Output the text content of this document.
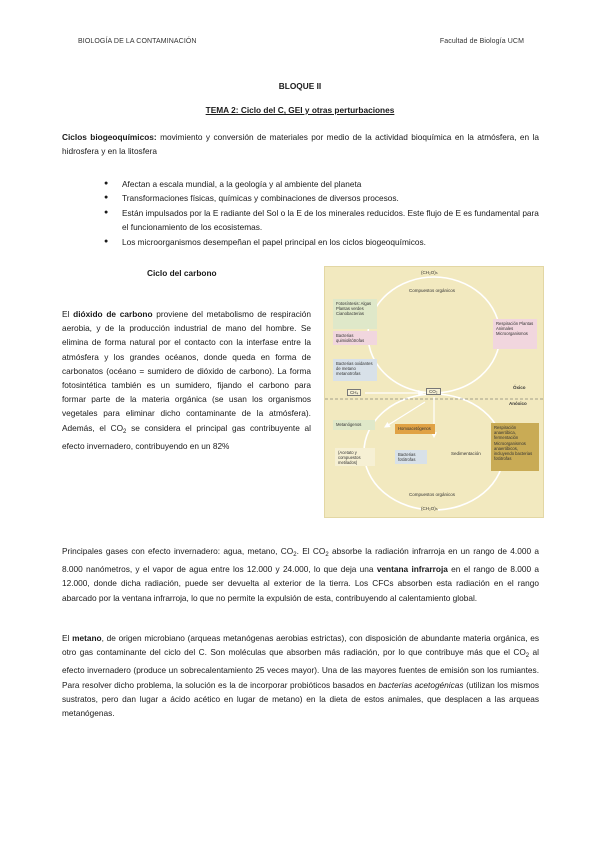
BIOLOGÍA DE LA CONTAMINACIÓN	Facultad de Biología UCM
BLOQUE II
TEMA 2: Ciclo del C, GEI y otras perturbaciones
Ciclos biogeoquímicos: movimiento y conversión de materiales por medio de la actividad bioquímica en la atmósfera, en la hidrosfera y en la litosfera
● Afectan a escala mundial, a la geología y al ambiente del planeta
● Transformaciones físicas, químicas y combinaciones de diversos procesos.
● Están impulsados por la E radiante del Sol o la E de los minerales reducidos. Este flujo de E es fundamental para el funcionamiento de los ecosistemas.
● Los microorganismos desempeñan el papel principal en los ciclos biogeoquímicos.
Ciclo del carbono
El dióxido de carbono proviene del metabolismo de respiración aerobia, y de la producción industrial de mano del hombre. Se elimina de forma natural por el contacto con la interfase entre la atmósfera y los grandes océanos, donde queda en forma de carbonatos (océano = sumidero de dióxido de carbono). La forma fotosintética también es un sumidero, fijando el carbono para formar parte de la materia orgánica (se usan los organismos vegetales para eliminar dicho contaminante de la atmósfera). Además, el $CO_2$ se considera el principal gas contribuyente al efecto invernadero, contribuyendo en un 82%
(CH₂O)ₙ
Compuestos orgánicos
Fotosíntesis: Algas Plantas verdes Cianobacterias
Bacterias quimiolitótrofas
Bacterias oxidantes de metano metanotrofas
Respiración Plantas Animales Microorganismos
CO₂
CH₄
Óxico
Anóxico
Metanógenos
Homoacetógenos	Respiración anaeróbica, fermentación Microorganismos anaeróbicos, incluyendo bacterias fotótrofas
(Acetato y compuestos metilados)
Bacterias fotótrofas
Sedimentación
Compuestos orgánicos
(CH₂O)ₙ
Principales gases con efecto invernadero: agua, metano, $CO_2$. El $CO_2$ absorbe la radiación infrarroja en un rango de 4.000 a 8.000 nanómetros, y el vapor de agua entre los 12.000 y 24.000, lo que deja una ventana infrarroja en el rango de 8.000 a 12.000, donde dicha radiación, puede ser devuelta al exterior de la tierra. Los CFCs absorben esta radiación en el rango abarcado por la ventana infrarroja, lo que no permite la expulsión de esta, contribuyendo al calentamiento global.
El metano, de origen microbiano (arqueas metanógenas aerobias estrictas), con disposición de abundante materia orgánica, es otro gas contaminante del ciclo del C. Son moléculas que absorben más radiación, por lo que contribuye más que el $CO_2$ al efecto invernadero (produce un sobrecalentamiento 25 veces mayor). Una de las mayores fuentes de emisión son los rumiantes. Para resolver dicho problema, la solución es la de incorporar probióticos basados en bacterias acetogénicas (utilizan los mismos sustratos, pero dan lugar a ácido acético en lugar de metano) en la dieta de estos animales, que desplacen a las arqueas metanógenas.
